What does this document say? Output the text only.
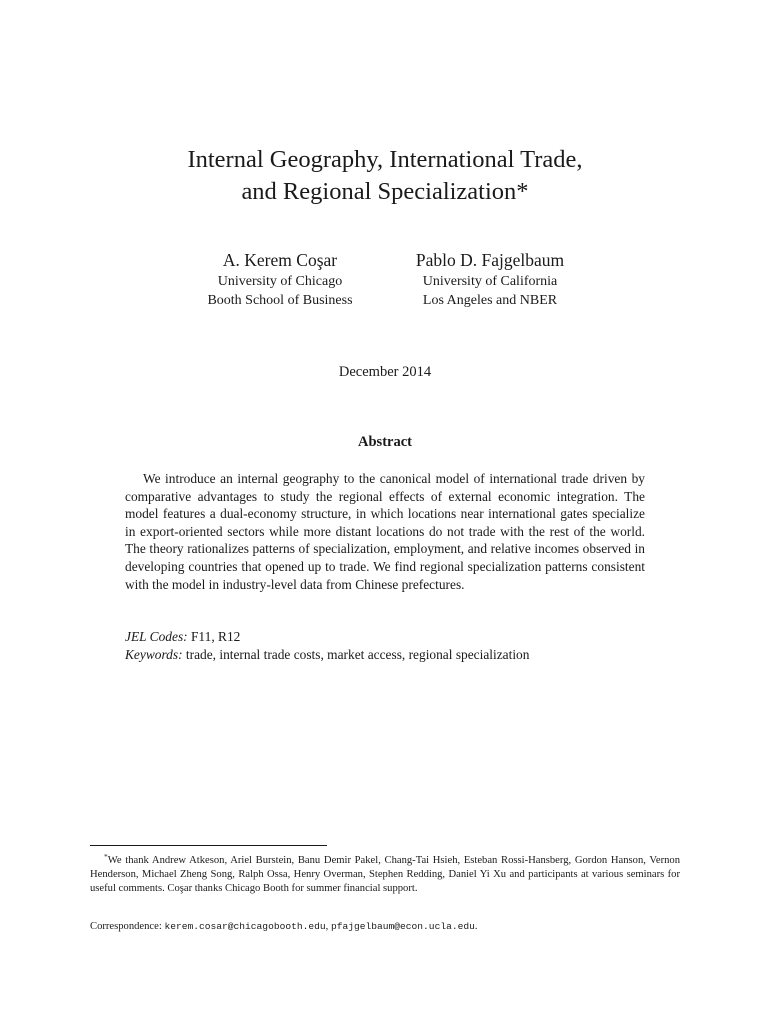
Internal Geography, International Trade,
and Regional Specialization*
A. Kerem Coşar
University of Chicago
Booth School of Business
Pablo D. Fajgelbaum
University of California
Los Angeles and NBER
December 2014
Abstract

We introduce an internal geography to the canonical model of international trade driven by comparative advantages to study the regional effects of external economic integration. The model features a dual-economy structure, in which locations near international gates specialize in export-oriented sectors while more distant locations do not trade with the rest of the world. The theory rationalizes patterns of specialization, employment, and relative incomes observed in developing countries that opened up to trade. We find regional specialization patterns consistent with the model in industry-level data from Chinese prefectures.

JEL Codes: F11, R12
Keywords: trade, internal trade costs, market access, regional specialization

*We thank Andrew Atkeson, Ariel Burstein, Banu Demir Pakel, Chang-Tai Hsieh, Esteban Rossi-Hansberg, Gordon Hanson, Vernon Henderson, Michael Zheng Song, Ralph Ossa, Henry Overman, Stephen Redding, Daniel Yi Xu and participants at various seminars for useful comments. Coşar thanks Chicago Booth for summer financial support.

Correspondence: kerem.cosar@chicagobooth.edu, pfajgelbaum@econ.ucla.edu.
